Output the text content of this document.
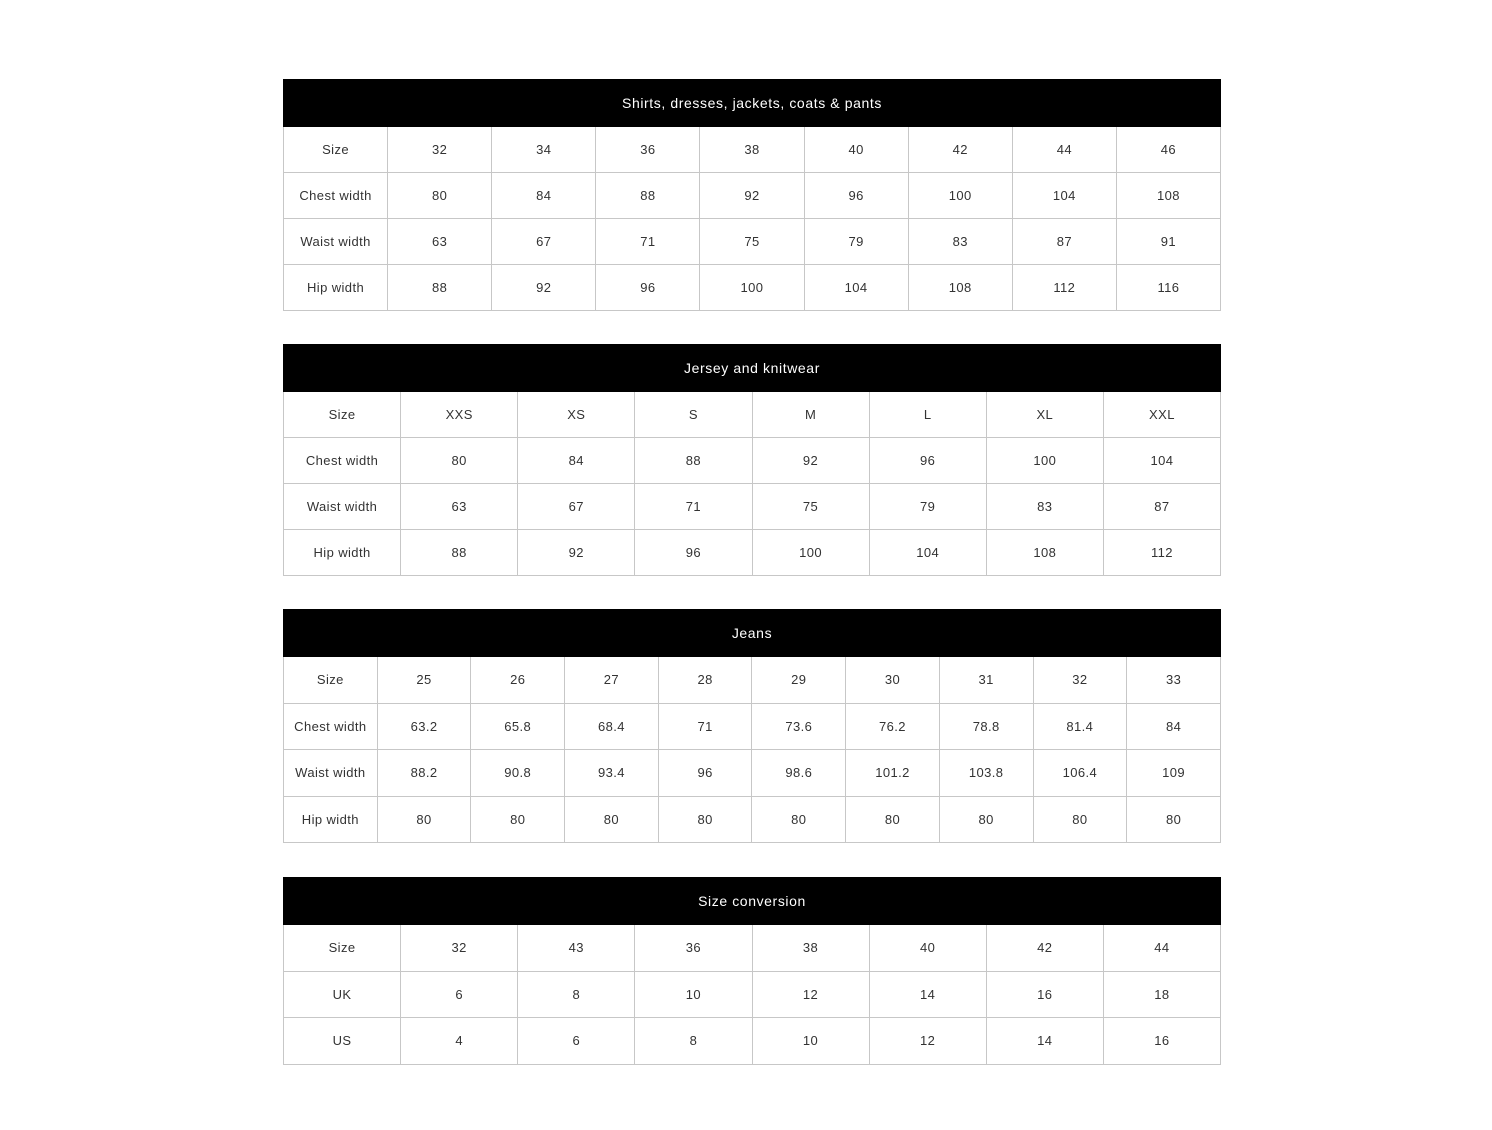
Shirts, dresses, jackets, coats & pants								
Size	32	34	36	38	40	42	44	46
Chest width	80	84	88	92	96	100	104	108
Waist width	63	67	71	75	79	83	87	91
Hip width	88	92	96	100	104	108	112	116
Jersey and knitwear							
Size	XXS	XS	S	M	L	XL	XXL
Chest width	80	84	88	92	96	100	104
Waist width	63	67	71	75	79	83	87
Hip width	88	92	96	100	104	108	112
Jeans									
Size	25	26	27	28	29	30	31	32	33
Chest width	63.2	65.8	68.4	71	73.6	76.2	78.8	81.4	84
Waist width	88.2	90.8	93.4	96	98.6	101.2	103.8	106.4	109
Hip width	80	80	80	80	80	80	80	80	80
Size conversion							
Size	32	43	36	38	40	42	44
UK	6	8	10	12	14	16	18
US	4	6	8	10	12	14	16
